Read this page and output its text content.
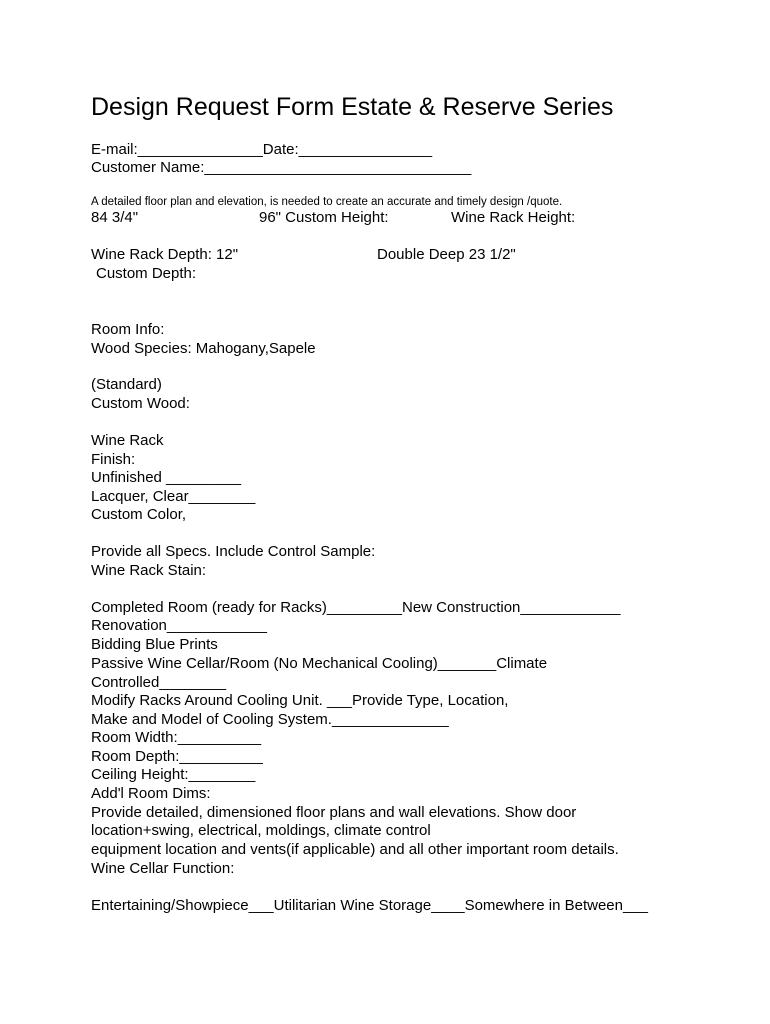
Design Request Form Estate & Reserve Series
E-mail:_______________Date:________________
Customer Name:________________________________
A detailed floor plan and elevation, is needed to create an accurate and timely design /quote.
84 3/4"	96" Custom Height:	Wine Rack Height:
Wine Rack Depth: 12"	Double Deep 23 1/2"
Custom Depth:
Room Info:
Wood Species: Mahogany,Sapele
(Standard)
Custom Wood:
Wine Rack
Finish:
Unfinished _________
Lacquer, Clear________
Custom Color,
Provide all Specs. Include Control Sample:
Wine Rack Stain:
Completed Room (ready for Racks)_________New Construction____________
Renovation____________
Bidding Blue Prints
Passive Wine Cellar/Room (No Mechanical Cooling)_______Climate
Controlled________
Modify Racks Around Cooling Unit. ___Provide Type, Location,
Make and Model of Cooling System.______________
Room Width:__________
Room Depth:__________
Ceiling Height:________
Add'l Room Dims:
Provide detailed, dimensioned floor plans and wall elevations. Show door
location+swing, electrical, moldings, climate control
equipment location and vents(if applicable) and all other important room details.
Wine Cellar Function:
Entertaining/Showpiece___Utilitarian Wine Storage____Somewhere in Between___
